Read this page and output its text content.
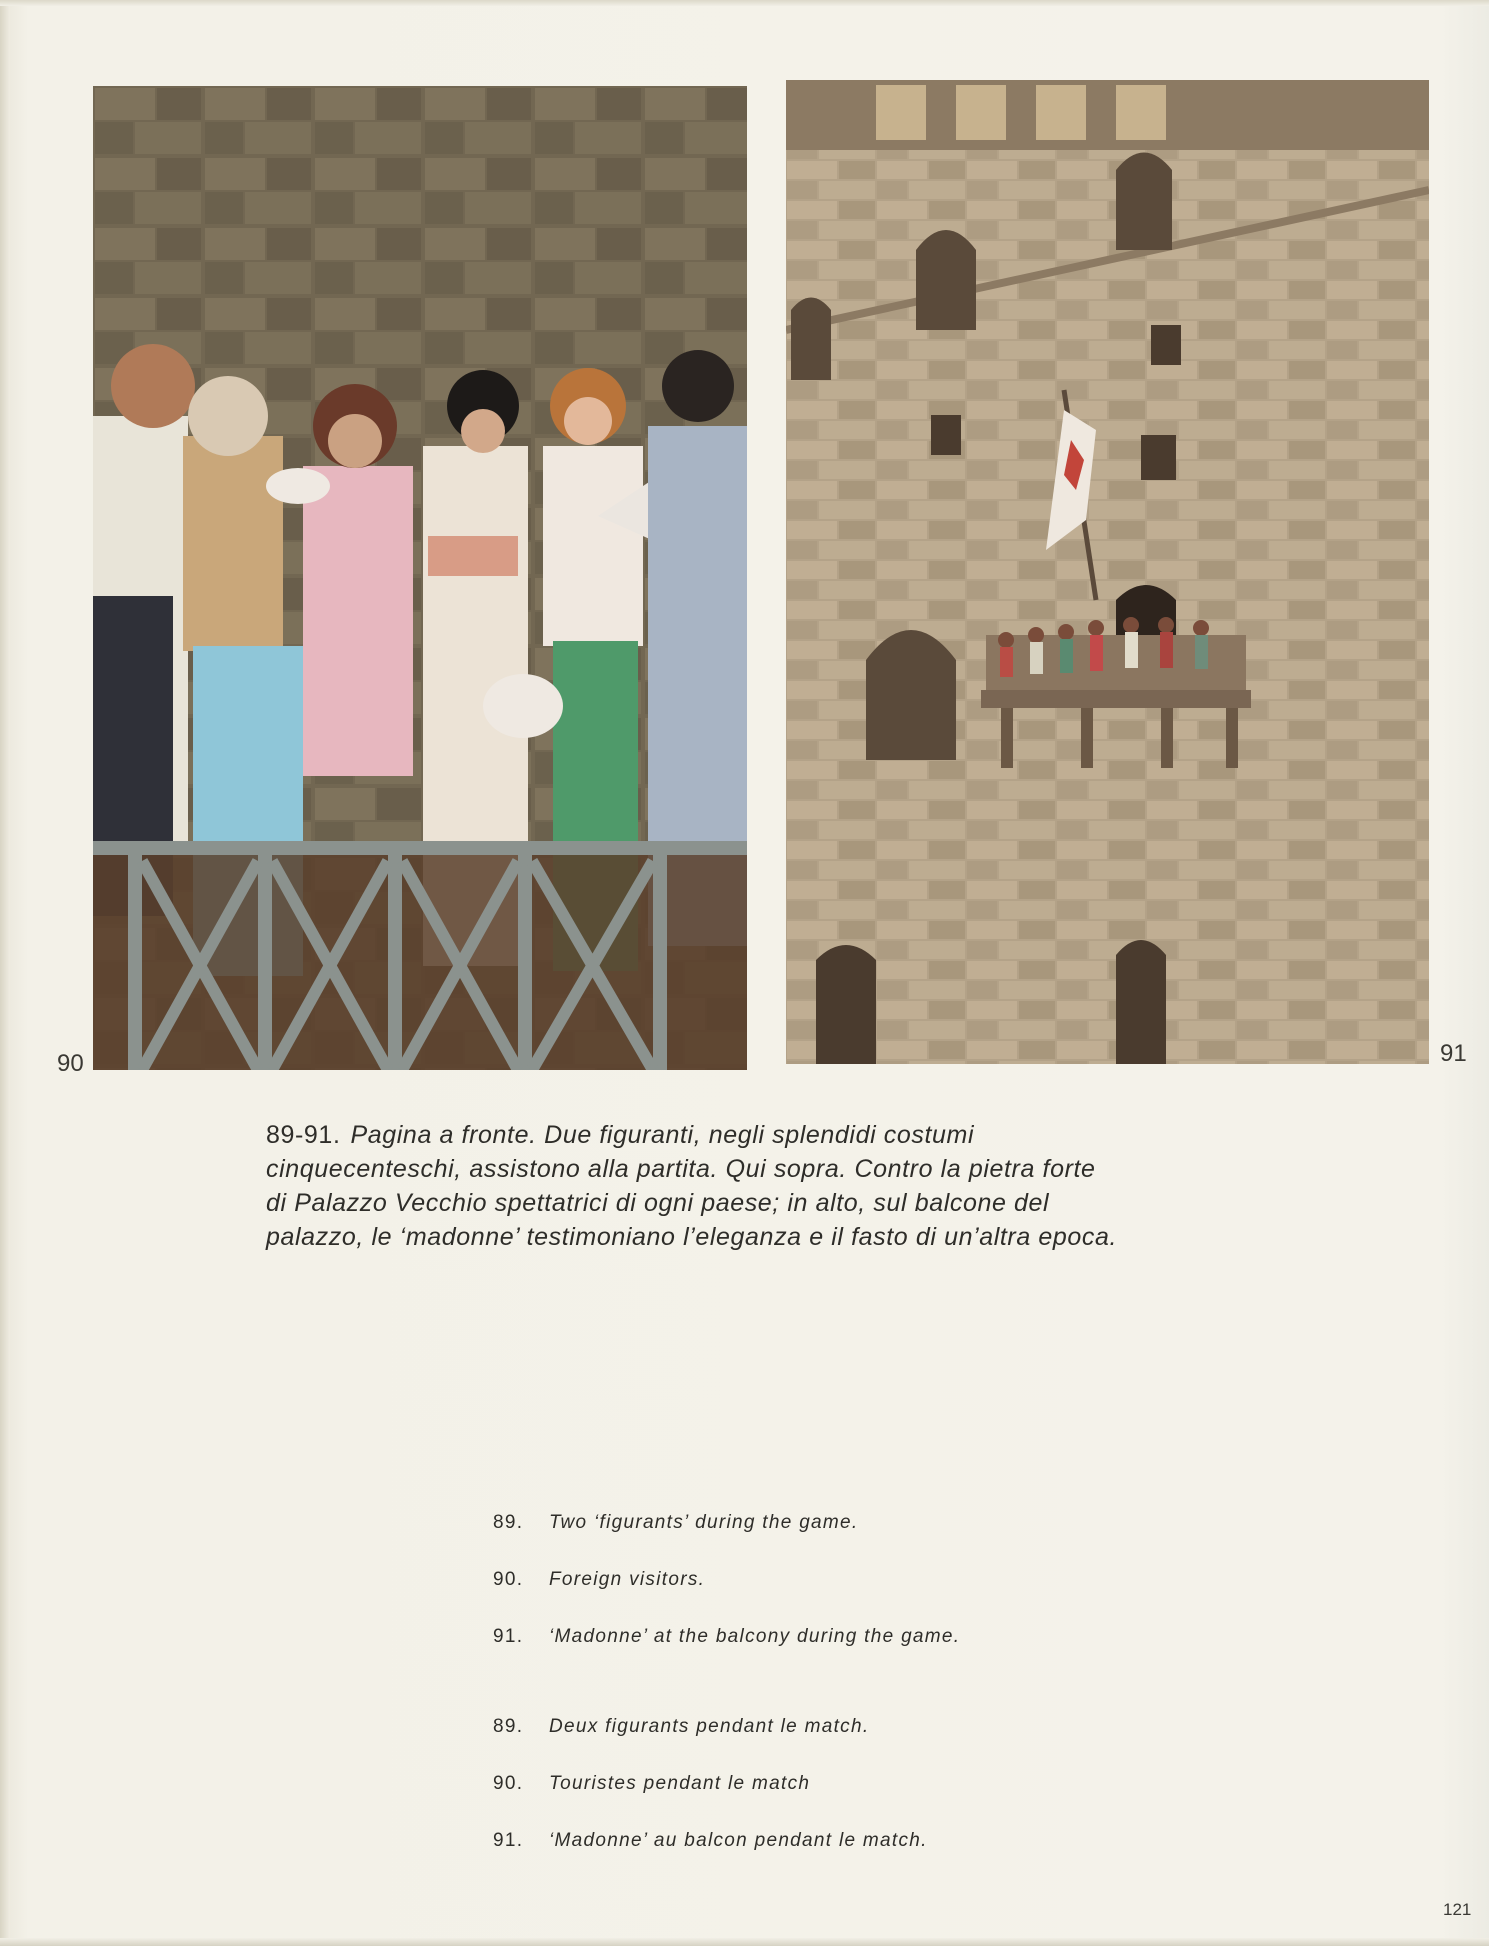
90	91
89-91. Pagina a fronte. Due figuranti, negli splendidi costumi
cinquecenteschi, assistono alla partita. Qui sopra. Contro la pietra forte
di Palazzo Vecchio spettatrici di ogni paese; in alto, sul balcone del
palazzo, le ‘madonne’ testimoniano l’eleganza e il fasto di un’altra epoca.
89.	Two ‘figurants’ during the game.
90.	Foreign visitors.
91.	‘Madonne’ at the balcony during the game.
89.	Deux figurants pendant le match.
90.	Touristes pendant le match
91.	‘Madonne’ au balcon pendant le match.
121
